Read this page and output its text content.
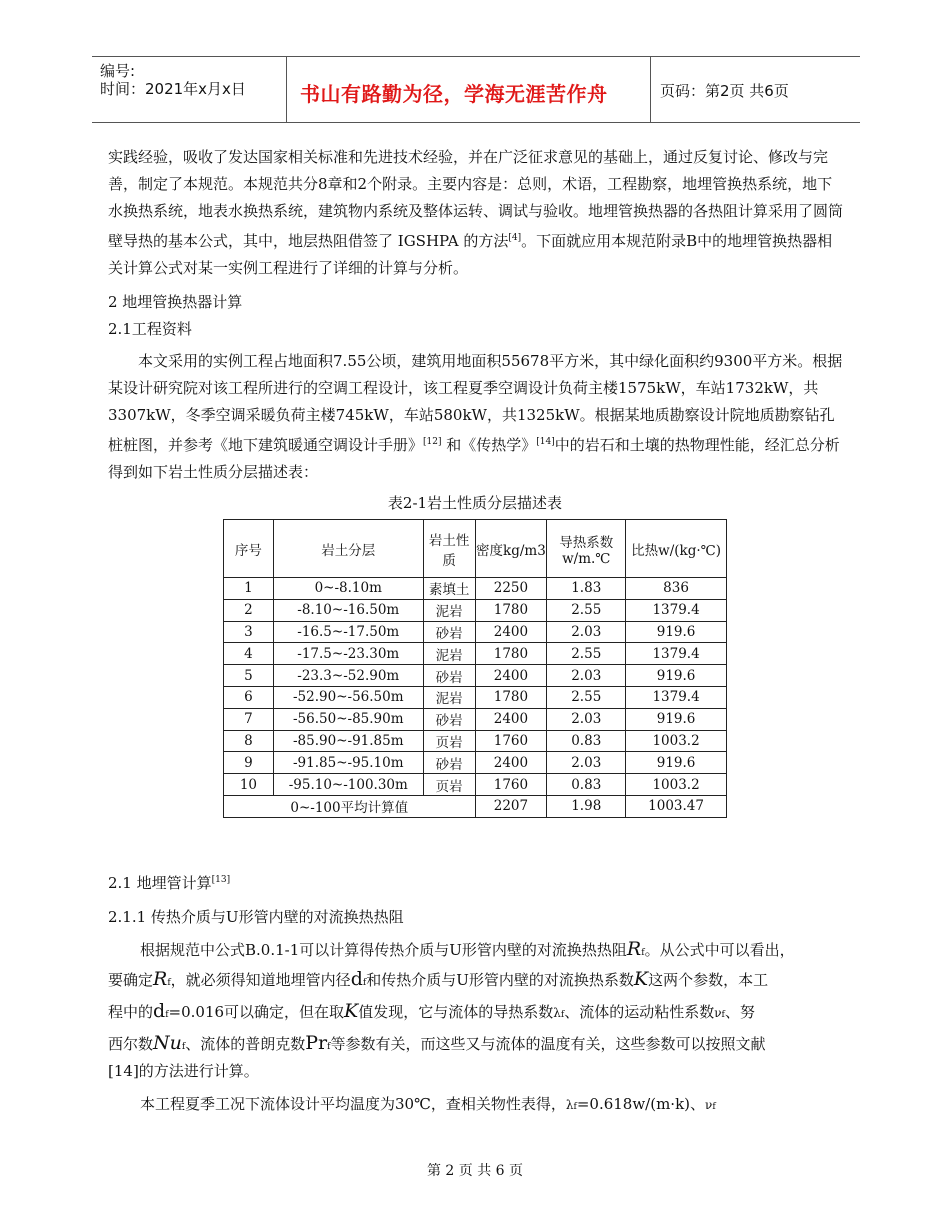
编号:
时间：2021年x月x日	书山有路勤为径，学海无涯苦作舟	页码：第2页 共6页
实践经验，吸收了发达国家相关标准和先进技术经验，并在广泛征求意见的基础上，通过反复讨论、修改与完善，制定了本规范。本规范共分8章和2个附录。主要内容是：总则，术语，工程勘察，地埋管换热系统，地下水换热系统，地表水换热系统，建筑物内系统及整体运转、调试与验收。地埋管换热器的各热阻计算采用了圆筒壁导热的基本公式，其中，地层热阻借签了 IGSHPA 的方法[4]。下面就应用本规范附录B中的地埋管换热器相关计算公式对某一实例工程进行了详细的计算与分析。
2 地埋管换热器计算
2.1工程资料
本文采用的实例工程占地面积7.55公顷，建筑用地面积55678平方米，其中绿化面积约9300平方米。根据某设计研究院对该工程所进行的空调工程设计，该工程夏季空调设计负荷主楼1575kW，车站1732kW，共3307kW，冬季空调采暖负荷主楼745kW，车站580kW，共1325kW。根据某地质勘察设计院地质勘察钻孔桩桩图，并参考《地下建筑暖通空调设计手册》[12] 和《传热学》[14]中的岩石和土壤的热物理性能，经汇总分析得到如下岩土性质分层描述表：
表2-1岩土性质分层描述表
序号	岩土分层	岩土性质	密度kg/m3	导热系数w/m.℃	比热w/(kg·℃)
1	0~-8.10m	素填土	2250	1.83	836
2	-8.10~-16.50m	泥岩	1780	2.55	1379.4
3	-16.5~-17.50m	砂岩	2400	2.03	919.6
4	-17.5~-23.30m	泥岩	1780	2.55	1379.4
5	-23.3~-52.90m	砂岩	2400	2.03	919.6
6	-52.90~-56.50m	泥岩	1780	2.55	1379.4
7	-56.50~-85.90m	砂岩	2400	2.03	919.6
8	-85.90~-91.85m	页岩	1760	0.83	1003.2
9	-91.85~-95.10m	砂岩	2400	2.03	919.6
10	-95.10~-100.30m	页岩	1760	0.83	1003.2
0~-100平均计算值			2207	1.98	1003.47
2.1 地埋管计算[13]
2.1.1 传热介质与U形管内壁的对流换热热阻
根据规范中公式B.0.1-1可以计算得传热介质与U形管内壁的对流换热热阻Rf。从公式中可以看出，
要确定Rf，就必须得知道地埋管内径df和传热介质与U形管内壁的对流换热系数K这两个参数，本工
程中的df=0.016可以确定，但在取K值发现，它与流体的导热系数λf、流体的运动粘性系数νf、努
西尔数Nuf、流体的普朗克数Prf等参数有关，而这些又与流体的温度有关，这些参数可以按照文献
[14]的方法进行计算。
本工程夏季工况下流体设计平均温度为30℃，查相关物性表得，λf=0.618w/(m·k)、νf
第 2 页 共 6 页
